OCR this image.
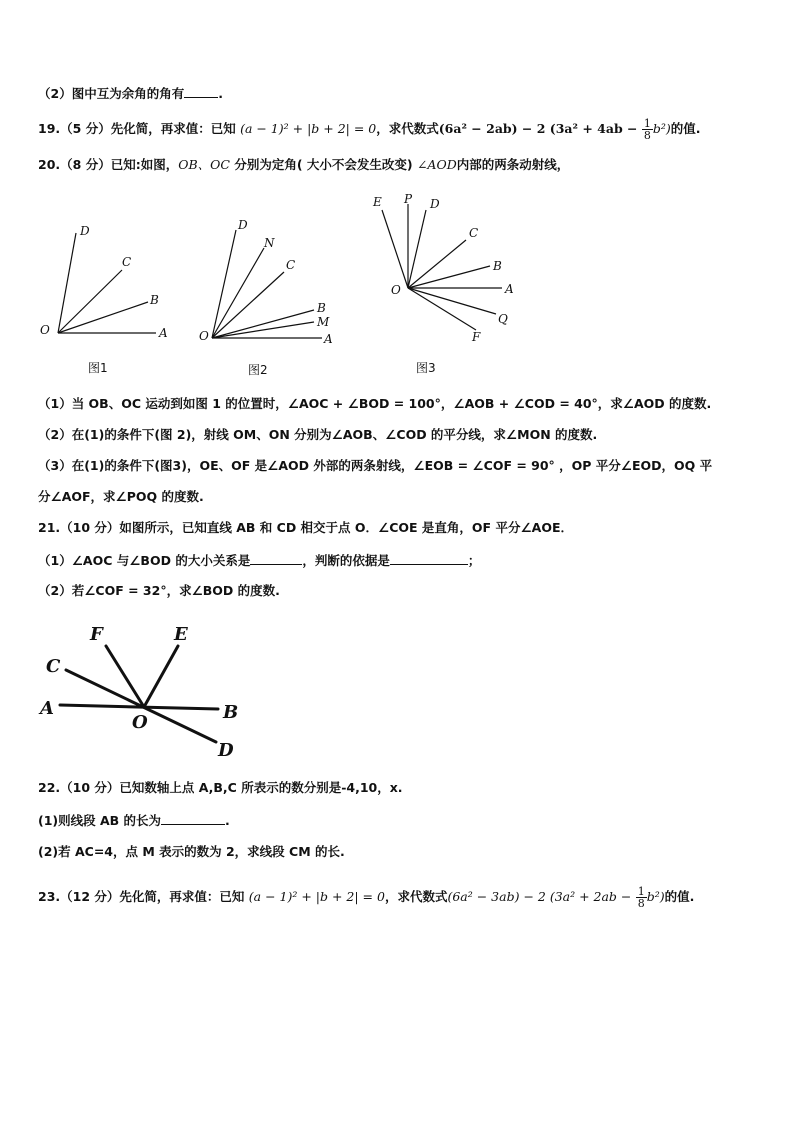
（2）图中互为余角的角有	.
19.（5 分）先化简，再求值：已知 (a − 1)² + |b + 2| = 0，求代数式(6a² − 2ab) − 2 $(3a^2 + 4ab - \frac{1}{8} b^2)$的值.
20.（8 分）已知:如图，OB、OC 分别为定角( 大小不会发生改变) ∠AOD内部的两条动射线，
D
C
B
O	A
图1
D
N
C
B
M
O	A
图2
E P D
C
B
O	A
Q
F
图3
（1）当 OB、OC 运动到如图 1 的位置时，∠AOC + ∠BOD = 100°，∠AOB + ∠COD = 40°，求∠AOD 的度数.
（2）在(1)的条件下(图 2)，射线 OM、ON 分别为∠AOB、∠COD 的平分线，求∠MON 的度数.
（3）在(1)的条件下(图3)，OE、OF 是∠AOD 外部的两条射线，∠EOB = ∠COF = 90° ，OP 平分∠EOD，OQ 平
分∠AOF，求∠POQ 的度数.
21.（10 分）如图所示，已知直线 AB 和 CD 相交于点 O．∠COE 是直角，OF 平分∠AOE．
（1）∠AOC 与∠BOD 的大小关系是	，判断的依据是	；
（2）若∠COF = 32°，求∠BOD 的度数.
F	E
C
A
O	B
D
22.（10 分）已知数轴上点 A,B,C 所表示的数分别是-4,10，x.
(1)则线段 AB 的长为	.
(2)若 AC=4，点 M 表示的数为 2，求线段 CM 的长.
23.（12 分）先化简，再求值：已知 (a − 1)² + |b + 2| = 0，求代数式(6a² − 3ab) − 2 $(3a^2 + 2ab - \frac{1}{8} b^2)$的值.
